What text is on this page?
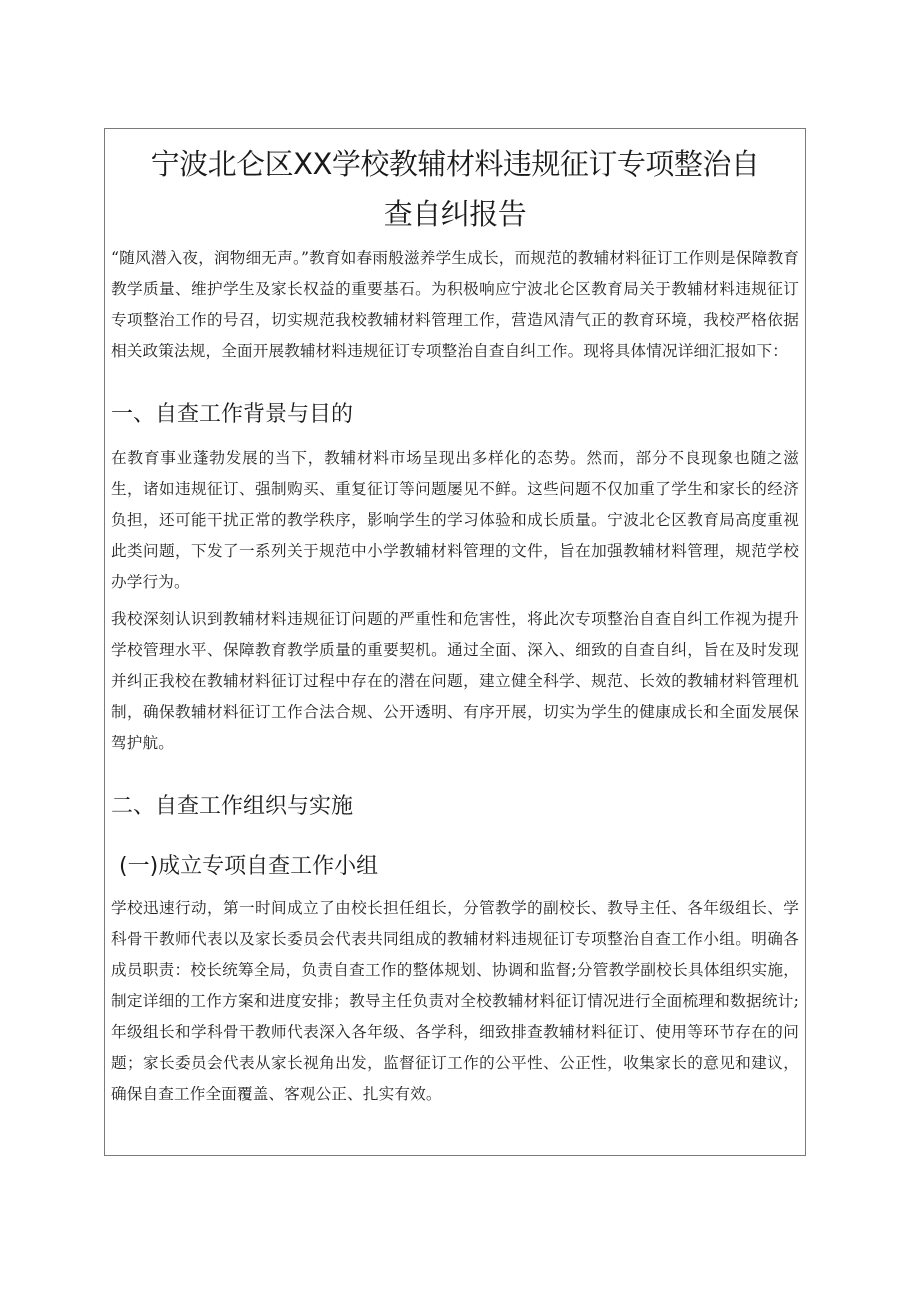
宁波北仑区XX学校教辅材料违规征订专项整治自
查自纠报告

“随风潜入夜，润物细无声。”教育如春雨般滋养学生成长，而规范的教辅材料征订工作则是保障教育教学质量、维护学生及家长权益的重要基石。为积极响应宁波北仑区教育局关于教辅材料违规征订专项整治工作的号召，切实规范我校教辅材料管理工作，营造风清气正的教育环境，我校严格依据相关政策法规，全面开展教辅材料违规征订专项整治自查自纠工作。现将具体情况详细汇报如下：

一、自查工作背景与目的

在教育事业蓬勃发展的当下，教辅材料市场呈现出多样化的态势。然而，部分不良现象也随之滋生，诸如违规征订、强制购买、重复征订等问题屡见不鲜。这些问题不仅加重了学生和家长的经济负担，还可能干扰正常的教学秩序，影响学生的学习体验和成长质量。宁波北仑区教育局高度重视此类问题，下发了一系列关于规范中小学教辅材料管理的文件，旨在加强教辅材料管理，规范学校办学行为。

我校深刻认识到教辅材料违规征订问题的严重性和危害性，将此次专项整治自查自纠工作视为提升学校管理水平、保障教育教学质量的重要契机。通过全面、深入、细致的自查自纠，旨在及时发现并纠正我校在教辅材料征订过程中存在的潜在问题，建立健全科学、规范、长效的教辅材料管理机制，确保教辅材料征订工作合法合规、公开透明、有序开展，切实为学生的健康成长和全面发展保驾护航。

二、自查工作组织与实施
(一)成立专项自查工作小组

学校迅速行动，第一时间成立了由校长担任组长，分管教学的副校长、教导主任、各年级组长、学科骨干教师代表以及家长委员会代表共同组成的教辅材料违规征订专项整治自查工作小组。明确各成员职责：校长统筹全局，负责自查工作的整体规划、协调和监督;分管教学副校长具体组织实施，制定详细的工作方案和进度安排；教导主任负责对全校教辅材料征订情况进行全面梳理和数据统计;年级组长和学科骨干教师代表深入各年级、各学科，细致排查教辅材料征订、使用等环节存在的问题；家长委员会代表从家长视角出发，监督征订工作的公平性、公正性，收集家长的意见和建议，确保自查工作全面覆盖、客观公正、扎实有效。
